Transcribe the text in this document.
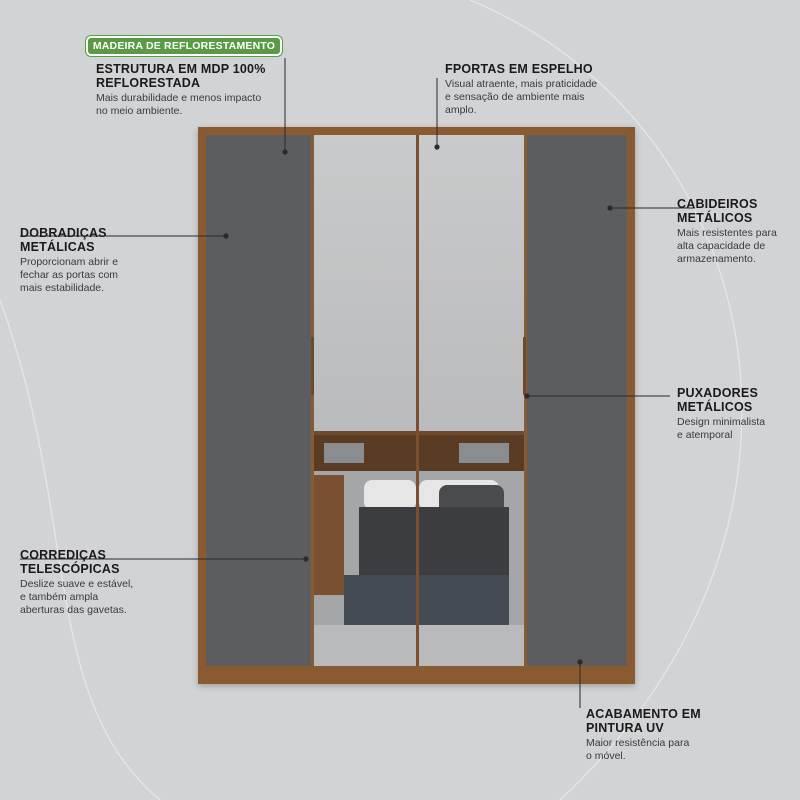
MADEIRA DE REFLORESTAMENTO
ESTRUTURA EM MDP 100%
REFLORESTADA
Mais durabilidade e menos impacto
no meio ambiente.
FPORTAS EM ESPELHO
Visual atraente, mais praticidade
e sensação de ambiente mais
amplo.
DOBRADIÇAS
METÁLICAS
Proporcionam abrir e
fechar as portas com
mais estabilidade.
CABIDEIROS
METÁLICOS
Mais resistentes para
alta capacidade de
armazenamento.
PUXADORES
METÁLICOS
Design minimalista
e atemporal
CORREDIÇAS
TELESCÓPICAS
Deslize suave e estável,
e também ampla
aberturas das gavetas.
ACABAMENTO EM
PINTURA UV
Maior resistência para
o móvel.
